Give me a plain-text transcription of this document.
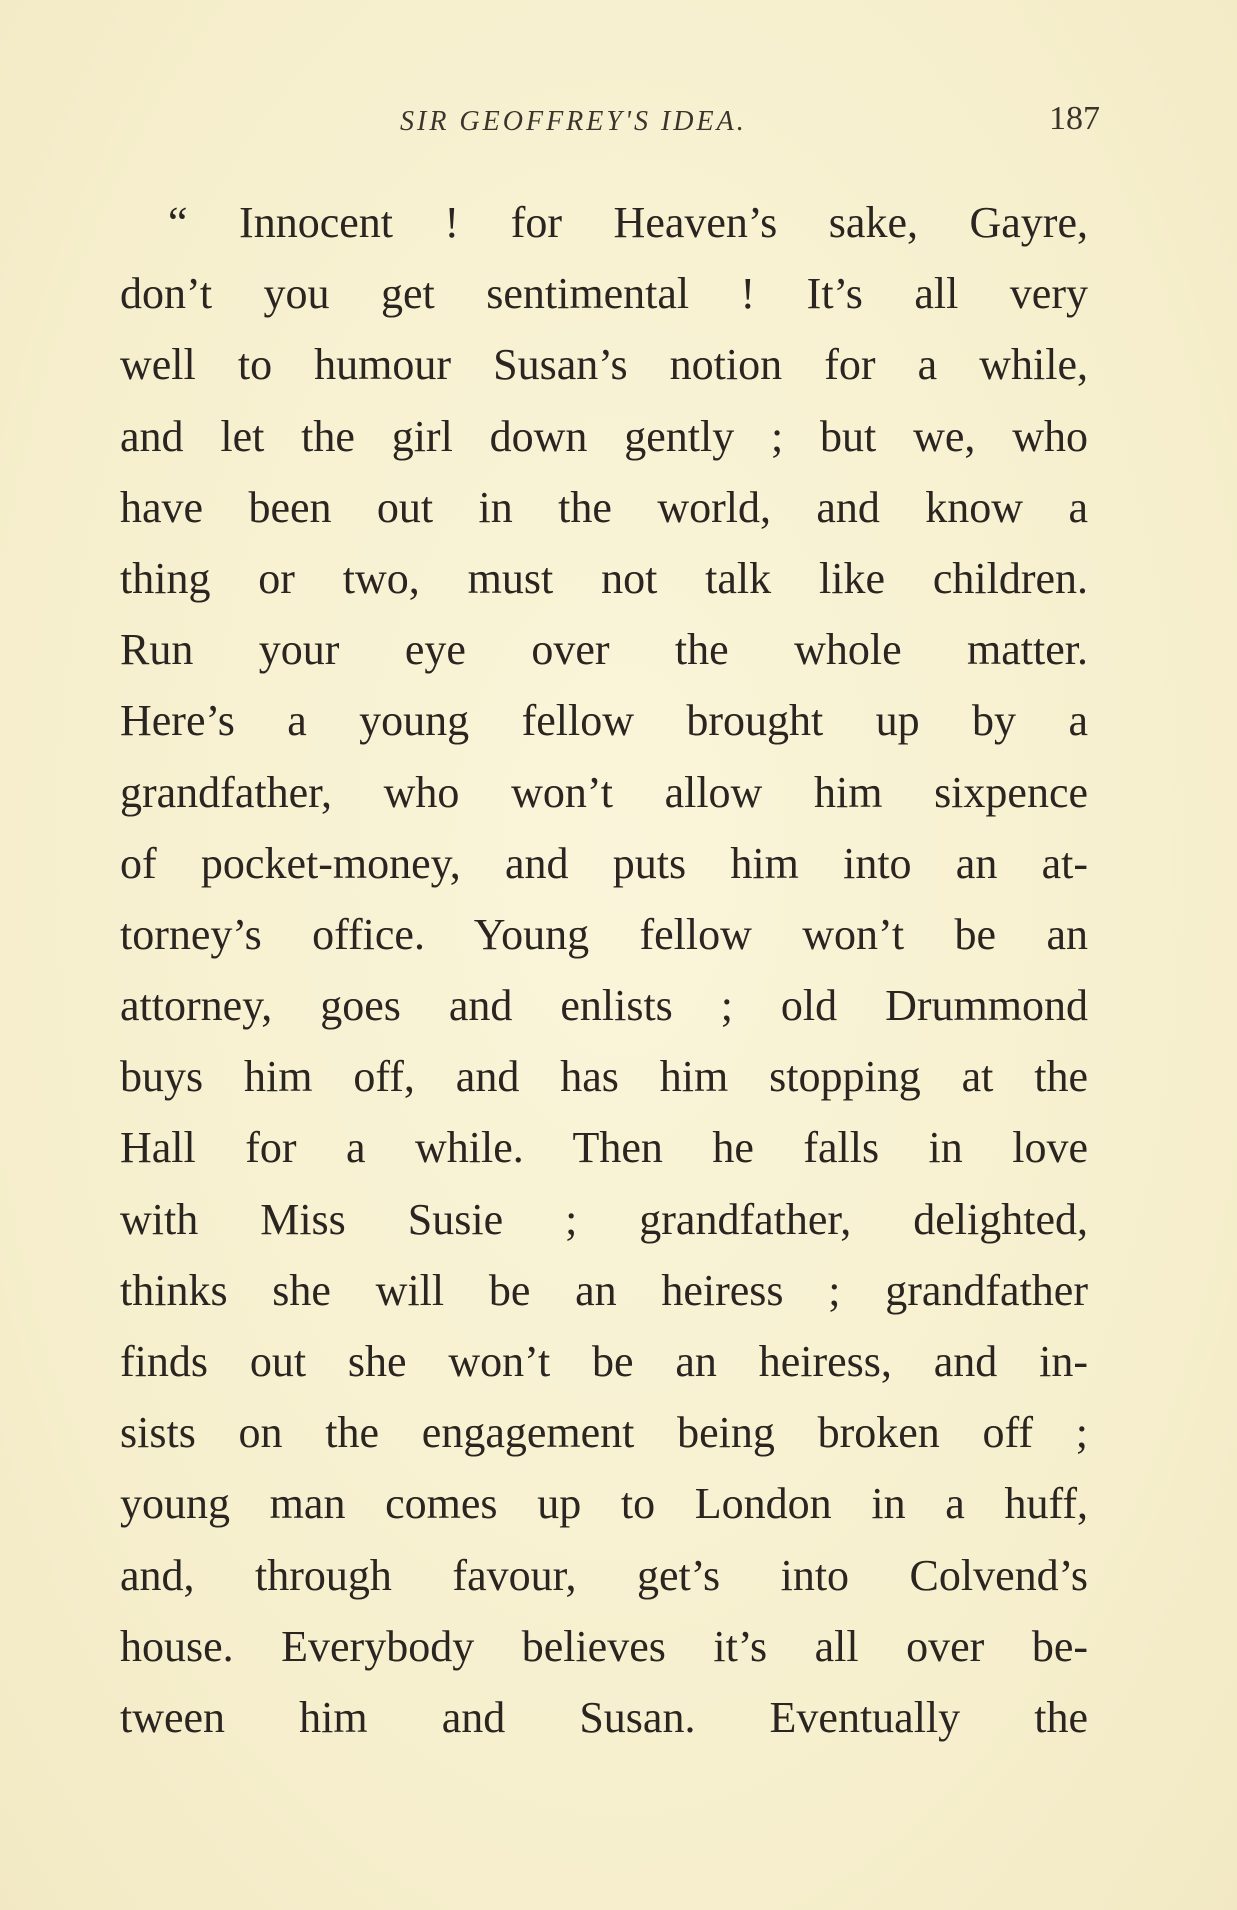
SIR GEOFFREY'S IDEA.	187
“ Innocent ! for Heaven’s sake, Gayre,
don’t you get sentimental ! It’s all very
well to humour Susan’s notion for a while,
and let the girl down gently ; but we, who
have been out in the world, and know a
thing or two, must not talk like children.
Run your eye over the whole matter.
Here’s a young fellow brought up by a
grandfather, who won’t allow him sixpence
of pocket-money, and puts him into an at-
torney’s office. Young fellow won’t be an
attorney, goes and enlists ; old Drummond
buys him off, and has him stopping at the
Hall for a while. Then he falls in love
with Miss Susie ; grandfather, delighted,
thinks she will be an heiress ; grandfather
finds out she won’t be an heiress, and in-
sists on the engagement being broken off ;
young man comes up to London in a huff,
and, through favour, get’s into Colvend’s
house. Everybody believes it’s all over be-
tween him and Susan. Eventually the
